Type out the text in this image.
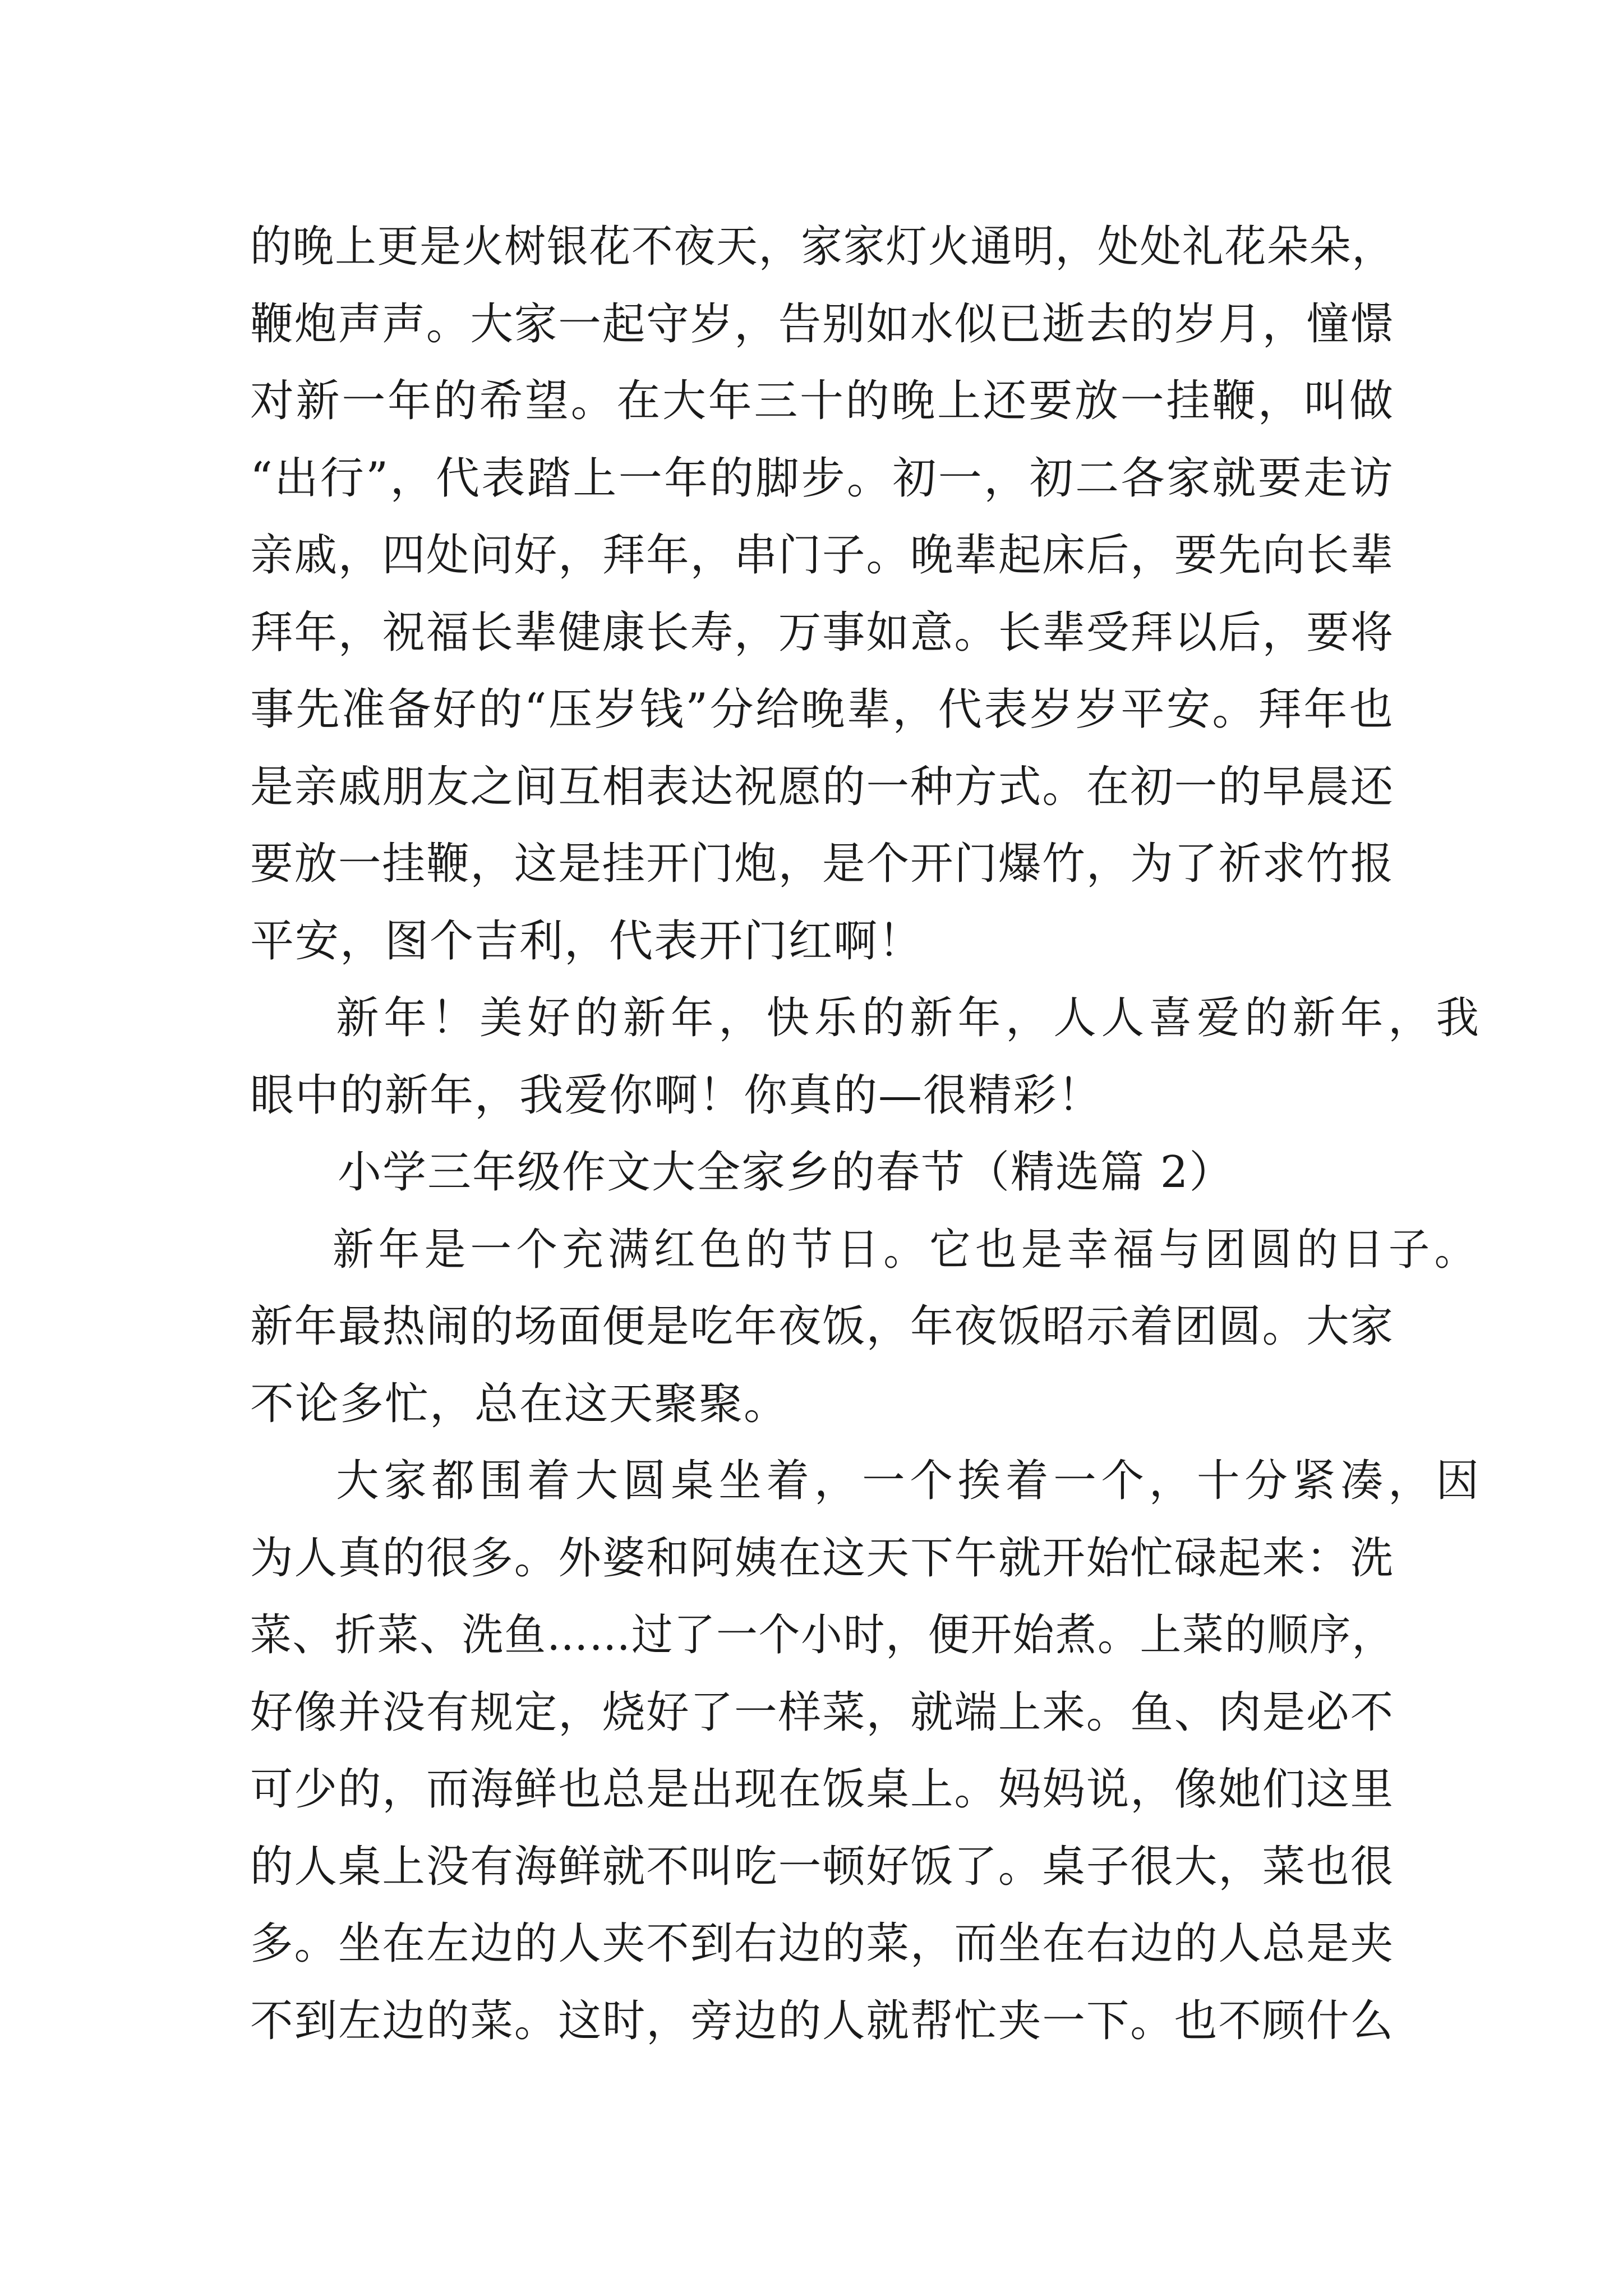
的晚上更是火树银花不夜天，家家灯火通明，处处礼花朵朵，
鞭炮声声。大家一起守岁，告别如水似已逝去的岁月，憧憬
对新一年的希望。在大年三十的晚上还要放一挂鞭，叫做
“出行”，代表踏上一年的脚步。初一，初二各家就要走访
亲戚，四处问好，拜年，串门子。晚辈起床后，要先向长辈
拜年，祝福长辈健康长寿，万事如意。长辈受拜以后，要将
事先准备好的“压岁钱”分给晚辈，代表岁岁平安。拜年也
是亲戚朋友之间互相表达祝愿的一种方式。在初一的早晨还
要放一挂鞭，这是挂开门炮，是个开门爆竹，为了祈求竹报
平安，图个吉利，代表开门红啊！
新年！美好的新年，快乐的新年，人人喜爱的新年，我
眼中的新年，我爱你啊！你真的—很精彩！
小学三年级作文大全家乡的春节（精选篇 2）
新年是一个充满红色的节日。它也是幸福与团圆的日子。
新年最热闹的场面便是吃年夜饭，年夜饭昭示着团圆。大家
不论多忙，总在这天聚聚。
大家都围着大圆桌坐着，一个挨着一个，十分紧凑，因
为人真的很多。外婆和阿姨在这天下午就开始忙碌起来：洗
菜、折菜、洗鱼……过了一个小时，便开始煮。上菜的顺序，
好像并没有规定，烧好了一样菜，就端上来。鱼、肉是必不
可少的，而海鲜也总是出现在饭桌上。妈妈说，像她们这里
的人桌上没有海鲜就不叫吃一顿好饭了。桌子很大，菜也很
多。坐在左边的人夹不到右边的菜，而坐在右边的人总是夹
不到左边的菜。这时，旁边的人就帮忙夹一下。也不顾什么
